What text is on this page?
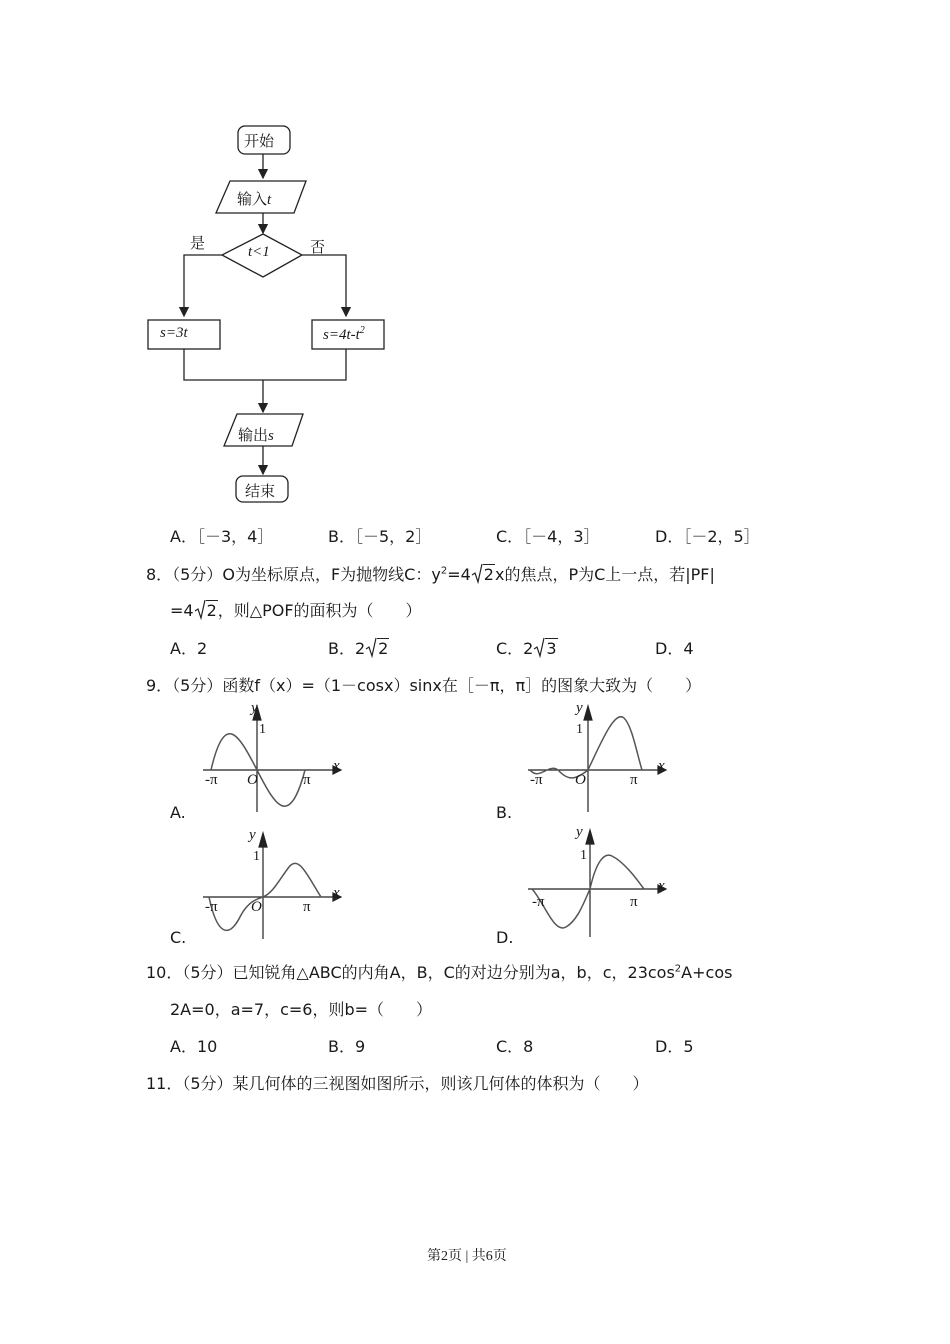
开始
输入t
t<1
是	否
s=3t	$s=4t-t^2$
输出s
结束
A．［－3，4］	B．［－5，2］	C．［－4，3］	D．［－2，5］
8．（5分）O为坐标原点，F为抛物线C：$y^2=4$ 2x的焦点，P为C上一点，若|PF|
=4 2，则△POF的面积为（　　）
A．2	B．2 2	C．2 3	D．4
9．（5分）函数f（x）=（1－cosx）sinx在［－π，π］的图象大致为（　　）
y
x
1
O
-π	π
A.
y
x
1
O
-π	π
B.
y
x
1
O
-π	π
C.
y
x
1
-π	π
D.
10．（5分）已知锐角△ABC的内角A，B，C的对边分别为a，b，c，$23\cos^2A+\cos$
2A=0，a=7，c=6，则b=（　　）
A．10	B．9	C．8	D．5
11．（5分）某几何体的三视图如图所示，则该几何体的体积为（　　）
第2页 | 共6页
